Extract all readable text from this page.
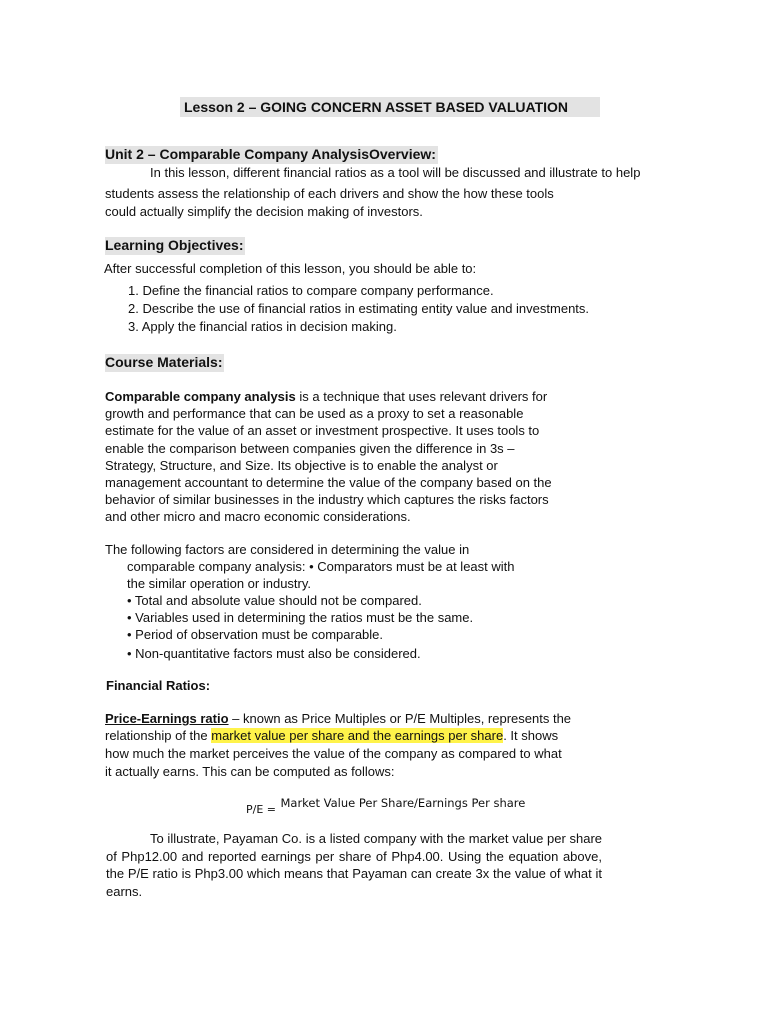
Lesson 2 – GOING CONCERN ASSET BASED VALUATION
Unit 2 – Comparable Company AnalysisOverview:
In this lesson, different financial ratios as a tool will be discussed and illustrate to help
students assess the relationship of each drivers and show the how these tools
could actually simplify the decision making of investors.
Learning Objectives:
After successful completion of this lesson, you should be able to:
1. Define the financial ratios to compare company performance.
2. Describe the use of financial ratios in estimating entity value and investments.
3. Apply the financial ratios in decision making.
Course Materials:
Comparable company analysis is a technique that uses relevant drivers for
growth and performance that can be used as a proxy to set a reasonable
estimate for the value of an asset or investment prospective. It uses tools to
enable the comparison between companies given the difference in 3s –
Strategy, Structure, and Size. Its objective is to enable the analyst or
management accountant to determine the value of the company based on the
behavior of similar businesses in the industry which captures the risks factors
and other micro and macro economic considerations.
The following factors are considered in determining the value in
comparable company analysis: • Comparators must be at least with
the similar operation or industry.
• Total and absolute value should not be compared.
• Variables used in determining the ratios must be the same.
• Period of observation must be comparable.
• Non-quantitative factors must also be considered.
Financial Ratios:
Price-Earnings ratio – known as Price Multiples or P/E Multiples, represents the
relationship of the market value per share and the earnings per share. It shows
how much the market perceives the value of the company as compared to what
it actually earns. This can be computed as follows:
$_{P/E =}$ Market Value Per Share/Earnings Per share
To illustrate, Payaman Co. is a listed company with the market value per share of Php12.00 and reported earnings per share of Php4.00. Using the equation above, the P/E ratio is Php3.00 which means that Payaman can create 3x the value of what it earns.
